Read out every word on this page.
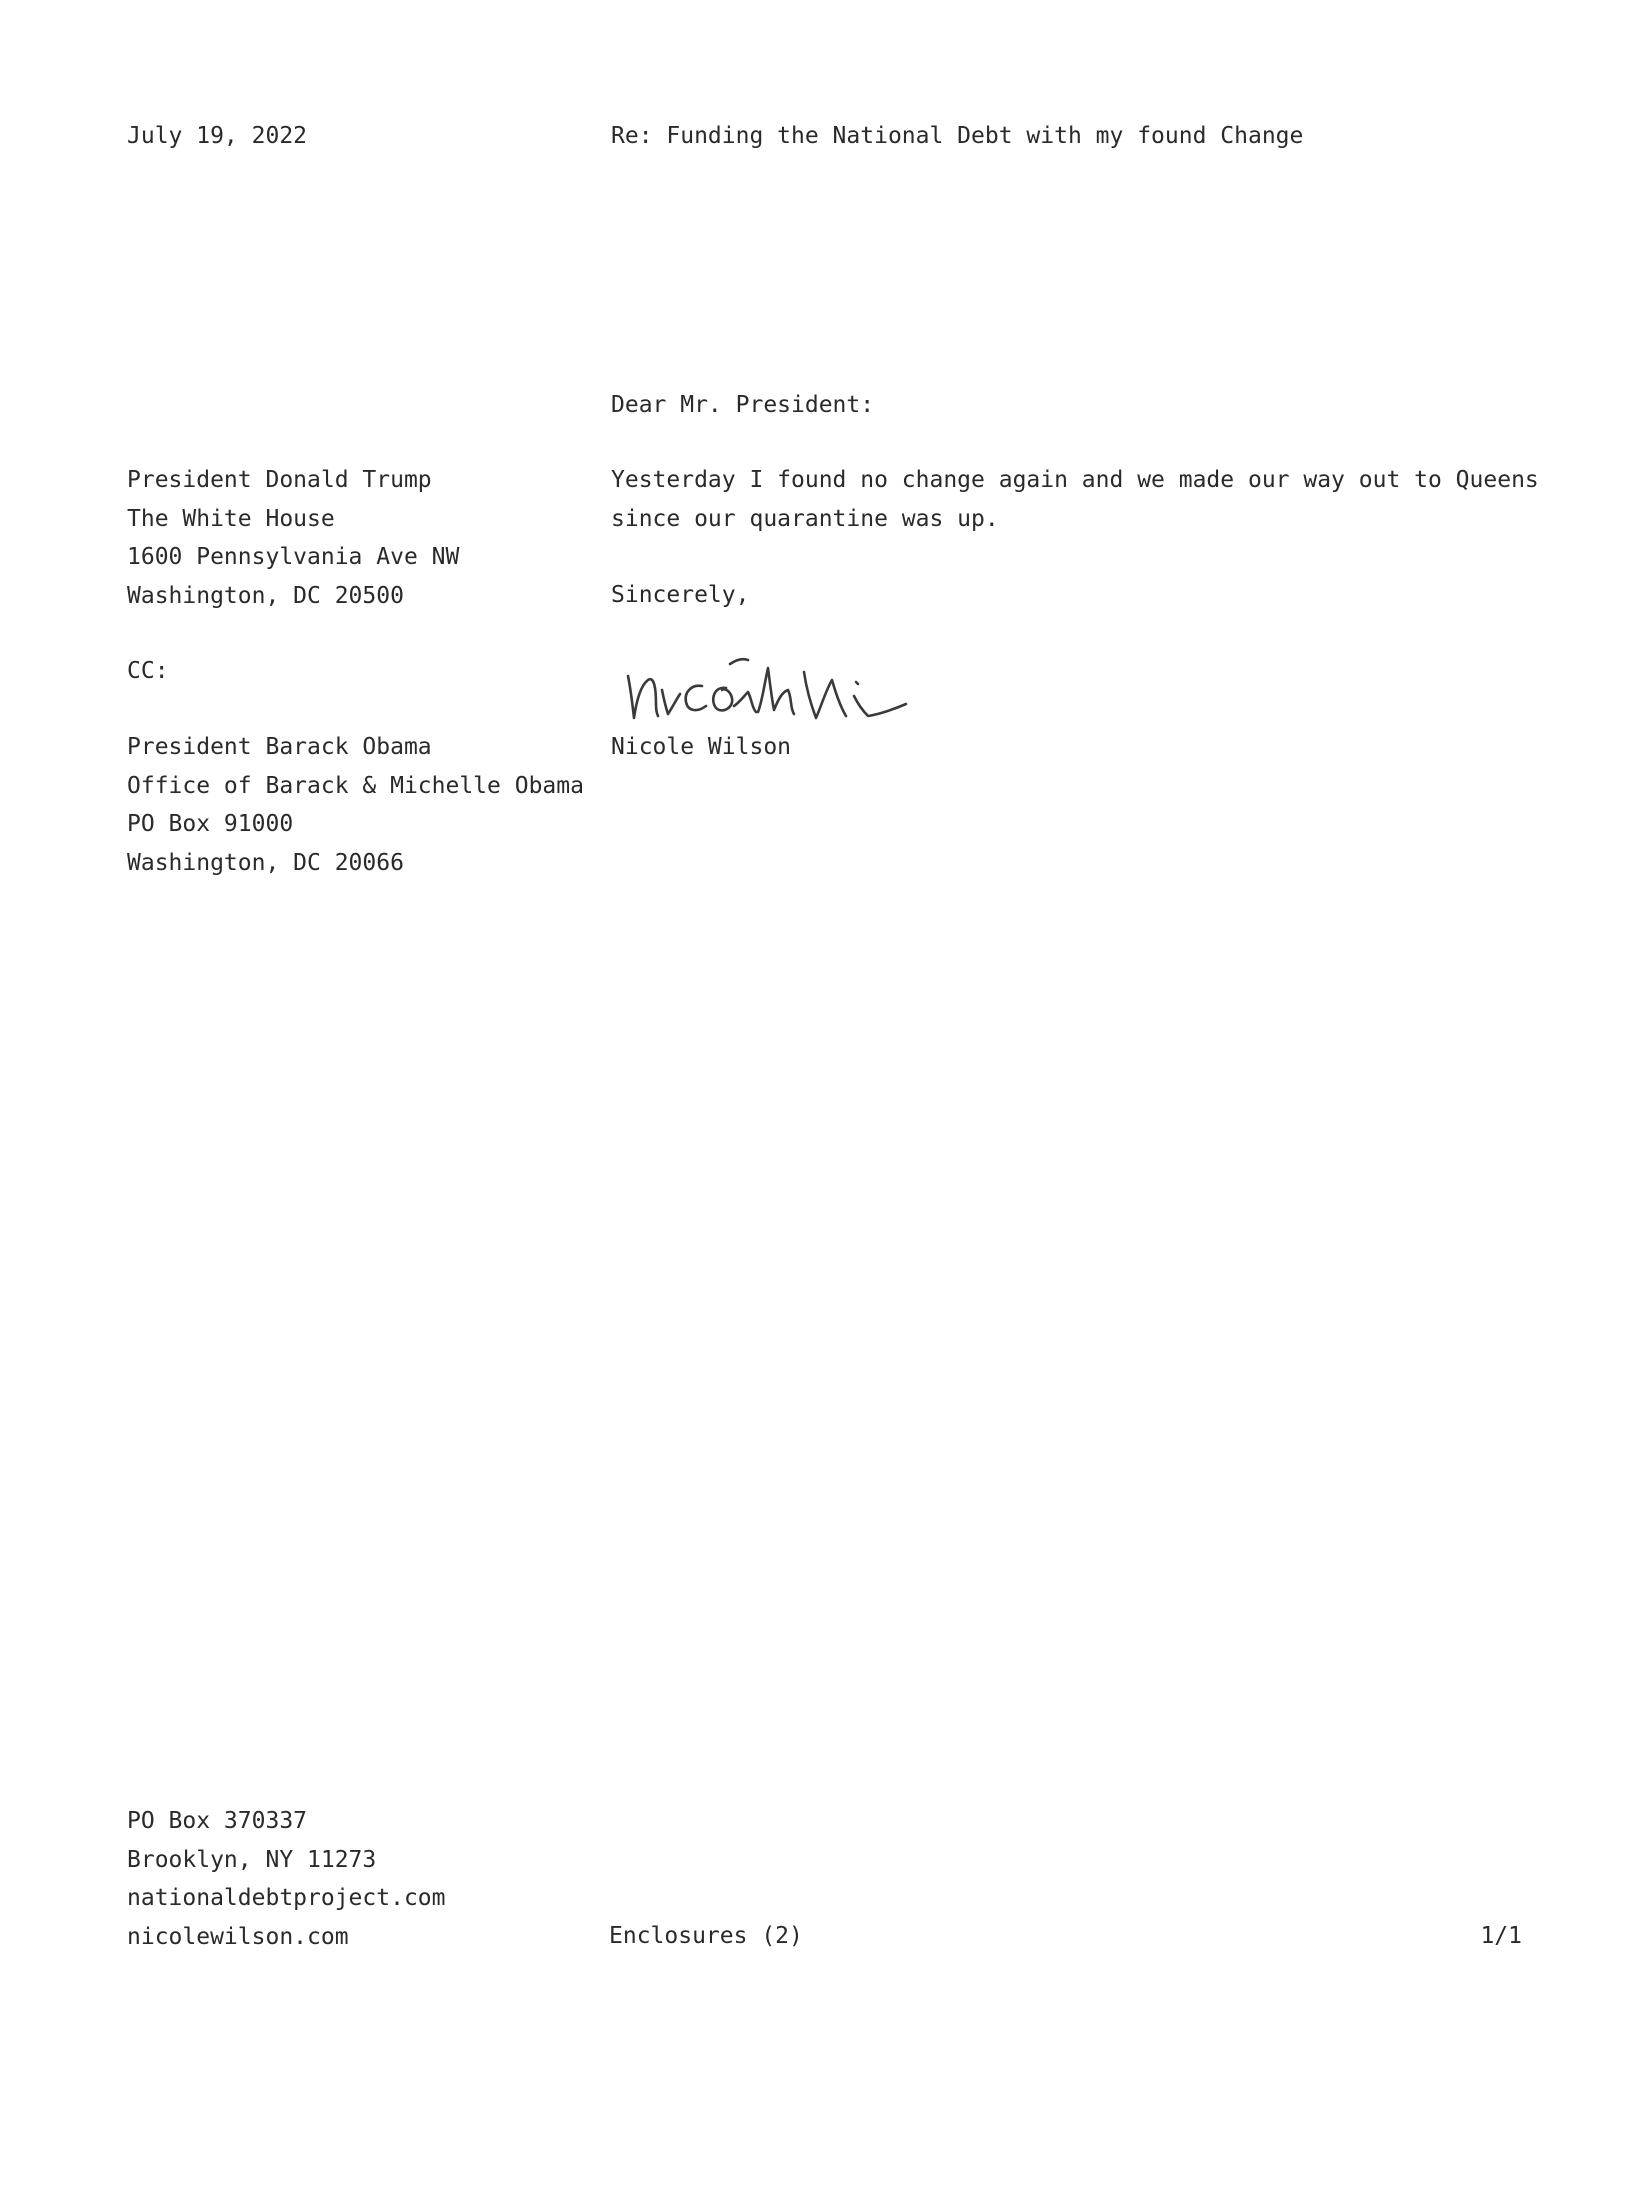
July 19, 2022	Re: Funding the National Debt with my found Change
Dear Mr. President:
President Donald Trump
The White House
1600 Pennsylvania Ave NW
Washington, DC 20500
Yesterday I found no change again and we made our way out to Queens
since our quarantine was up.
Sincerely,
CC:
Nicole Wilson
President Barack Obama
Office of Barack & Michelle Obama
PO Box 91000
Washington, DC 20066
PO Box 370337
Brooklyn, NY 11273
nationaldebtproject.com
nicolewilson.com	Enclosures (2)	1/1
